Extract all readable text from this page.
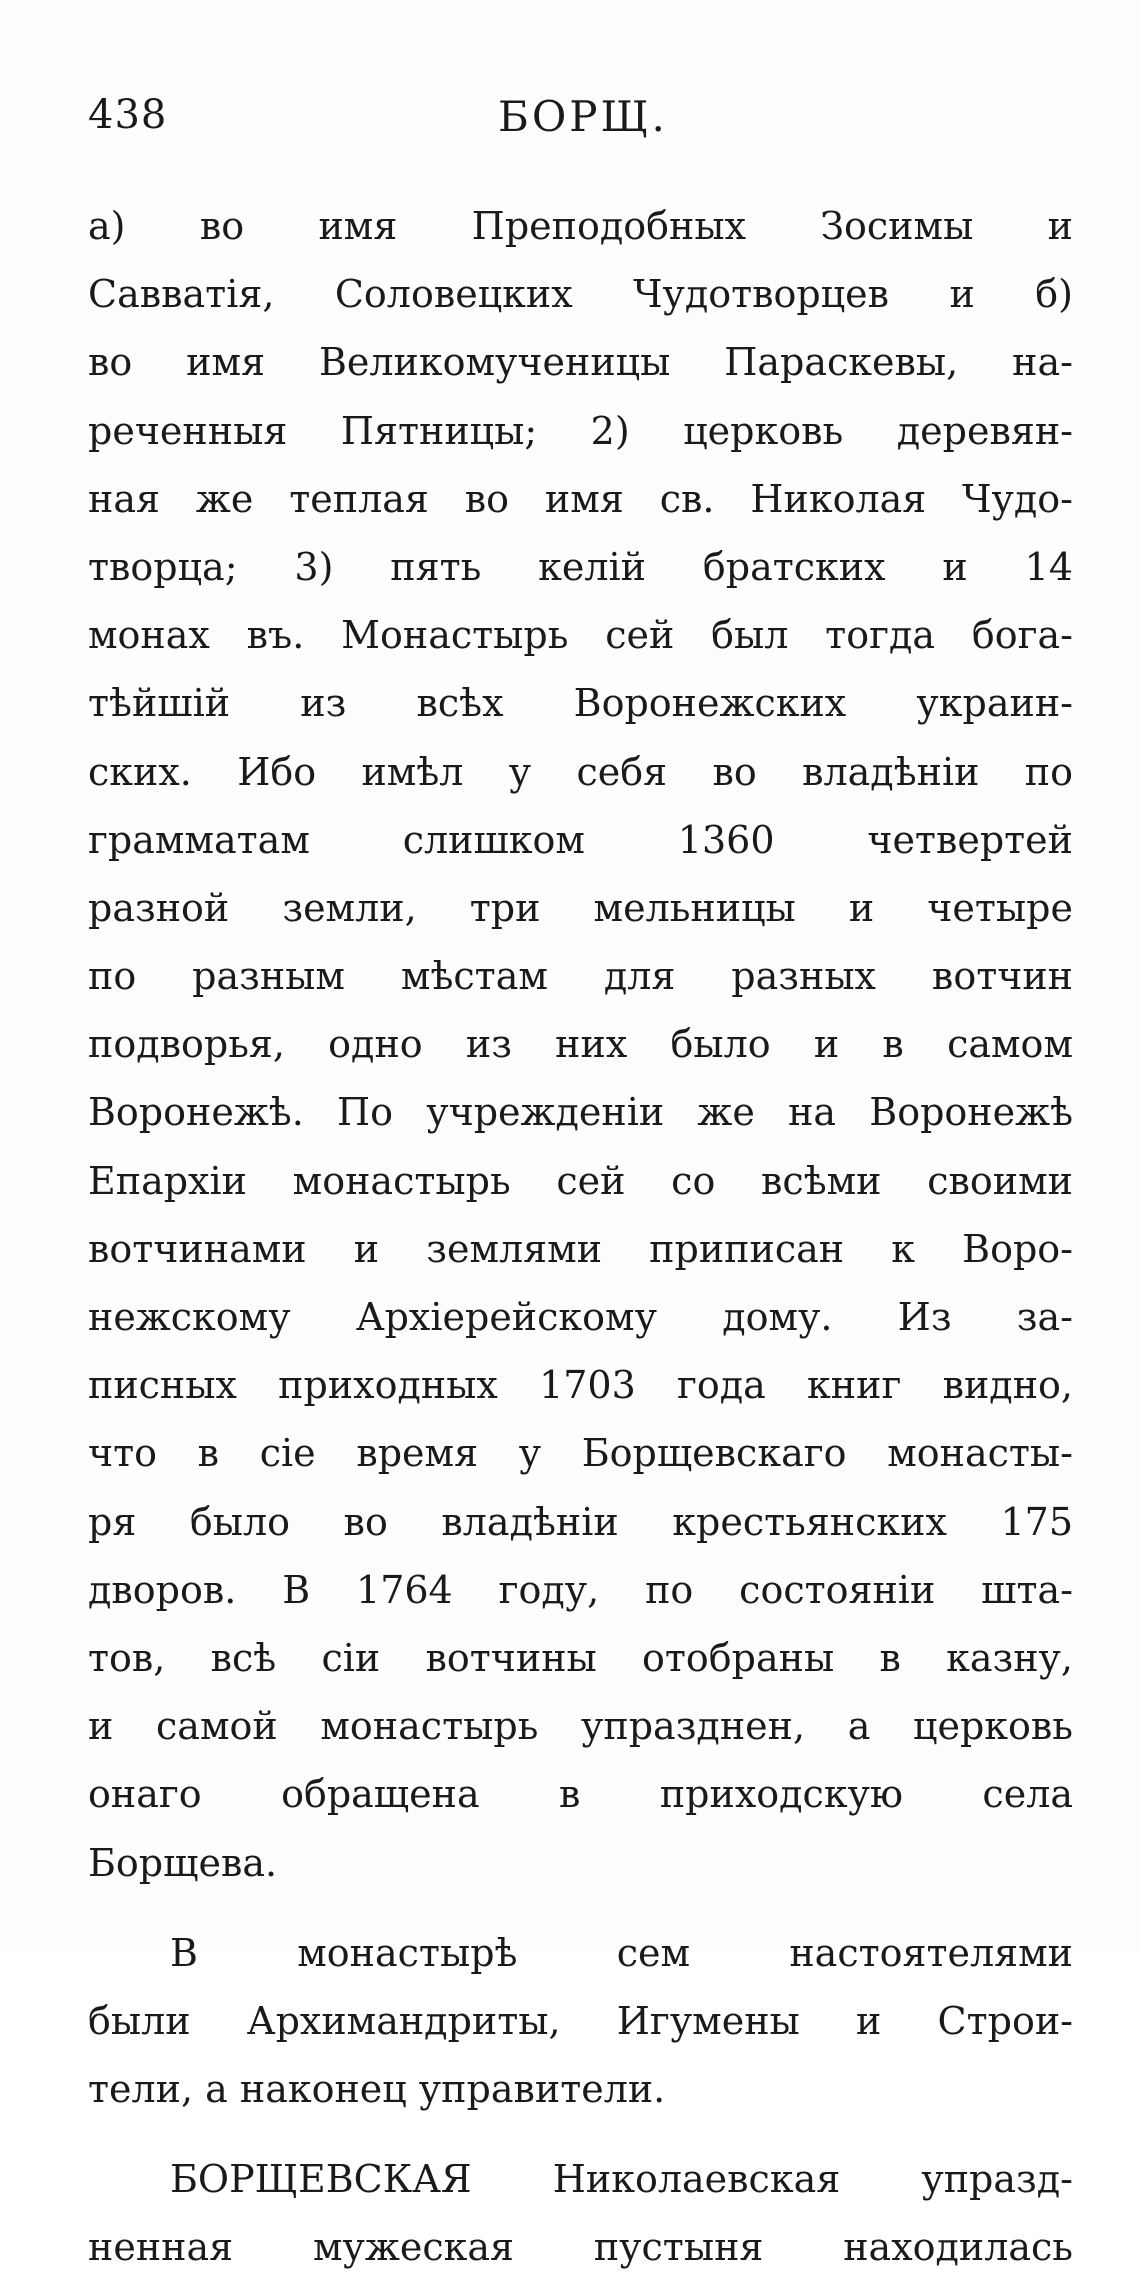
438	БОРЩ.
а) во имя Преподобных Зосимы и
Савватія, Соловецких Чудотворцев и б)
во имя Великомученицы Параскевы, на-
реченныя Пятницы; 2) церковь деревян-
ная же теплая во имя св. Николая Чудо-
творца; 3) пять келій братских и 14
монах въ. Монастырь сей был тогда бога-
тѣйшій из всѣх Воронежских украин-
ских. Ибо имѣл у себя во владѣніи по
грамматам слишком 1360 четвертей
разной земли, три мельницы и четыре
по разным мѣстам для разных вотчин
подворья, одно из них было и в самом
Воронежѣ. По учрежденіи же на Воронежѣ
Епархіи монастырь сей со всѣми своими
вотчинами и землями приписан к Воро-
нежскому Архіерейскому дому. Из за-
писных приходных 1703 года книг видно,
что в сіе время у Борщевскаго монасты-
ря было во владѣніи крестьянских 175
дворов. В 1764 году, по состояніи шта-
тов, всѣ сіи вотчины отобраны в казну,
и самой монастырь упразднен, а церковь
онаго обращена в приходскую села
Борщева.
В монастырѣ сем настоятелями
были Архимандриты, Игумены и Строи-
тели, а наконец управители.
БОРЩЕВСКАЯ Николаевская упразд-
ненная мужеская пустыня находилась
